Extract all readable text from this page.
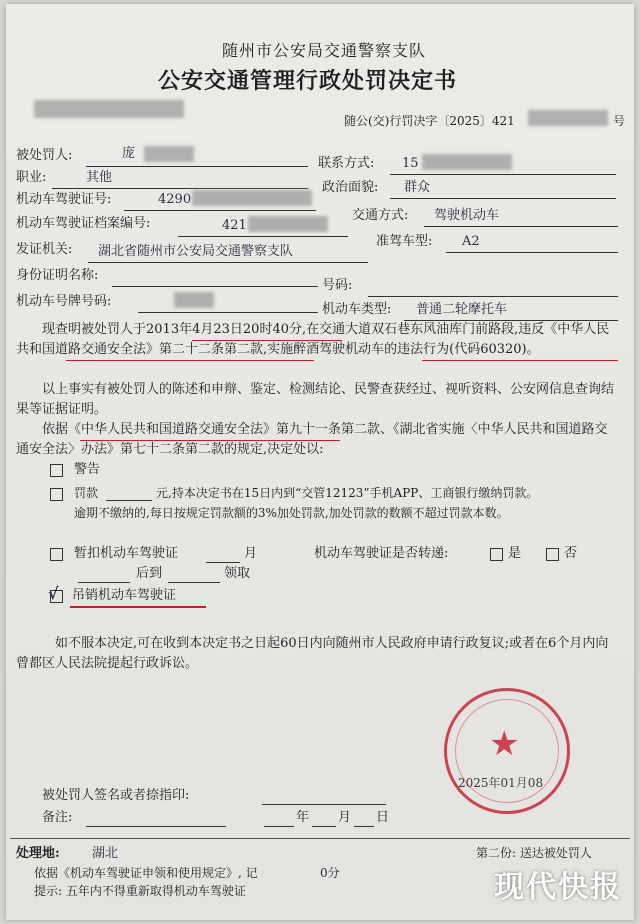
随州市公安局交通警察支队
公安交通管理行政处罚决定书
随公(交)行罚决字〔2025〕421	号
被处罚人:	庞
联系方式: 15
职业:	其他
政治面貌: 群众
机动车驾驶证号:	4290
交通方式: 驾驶机动车
机动车驾驶证档案编号:	421
准驾车型: A2
发证机关: 湖北省随州市公安局交通警察支队
身份证明名称:
号码:
机动车号牌号码:
机动车类型: 普通二轮摩托车

现查明被处罚人于2013年4月23日20时40分,在交通大道双石巷东风油库门前路段,违反《中华人民共和国道路交通安全法》第二十二条第二款,实施醉酒驾驶机动车的违法行为(代码60320)。

以上事实有被处罚人的陈述和申辩、鉴定、检测结论、民警查获经过、视听资料、公安网信息查询结果等证据证明。

依据《中华人民共和国道路交通安全法》第九十一条第二款、《湖北省实施〈中华人民共和国道路交通安全法〉办法》第七十二条第二款的规定,决定处以:

警告
罚款	元,持本决定书在15日内到“交管12123”手机APP、工商银行缴纳罚款。
逾期不缴纳的,每日按规定罚款额的3%加处罚款,加处罚款的数额不超过罚款本数。
暂扣机动车驾驶证	月	机动车驾驶证是否转递:	是	否
后到	领取
√ 吊销机动车驾驶证

如不服本决定,可在收到本决定书之日起60日内向随州市人民政府申请行政复议;或者在6个月内向曾都区人民法院提起行政诉讼。

★
2025年01月08
被处罚人签名或者捺指印:
备注:	年 月 日
处理地: 湖北	第二份: 送达被处罚人
依据《机动车驾驶证申领和使用规定》, 记	0分
提示: 五年内不得重新取得机动车驾驶证	现代快报
